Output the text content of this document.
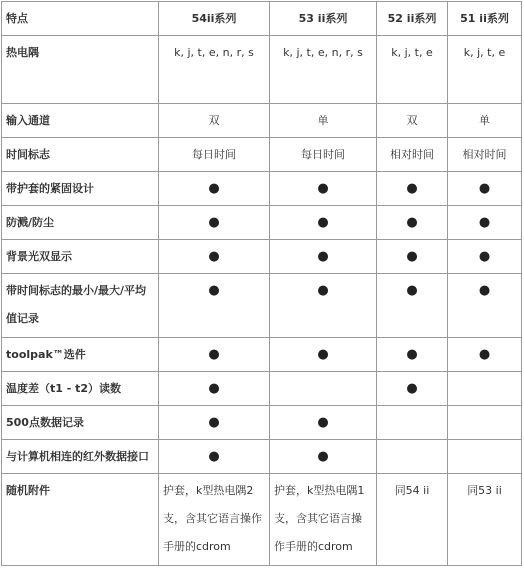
特点	54ii系列	53 ii系列	52 ii系列	51 ii系列
热电隅	k, j, t, e, n, r, s	k, j, t, e, n, r, s	k, j, t, e	k, j, t, e
输入通道	双	单	双	单
时间标志	每日时间	每日时间	相对时间	相对时间
带护套的紧固设计	●	●	●	●
防溅/防尘	●	●	●	●
背景光双显示	●	●	●	●
带时间标志的最小/最大/平均值记录	●	●	●	●
toolpak™选件	●	●	●	●
温度差（t1 - t2）读数	●		●	
500点数据记录	●	●		
与计算机相连的红外数据接口	●	●		
随机附件	护套，k型热电隅2支，含其它语言操作手册的cdrom	护套，k型热电隅1支，含其它语言操作手册的cdrom	同54 ii	同53 ii
